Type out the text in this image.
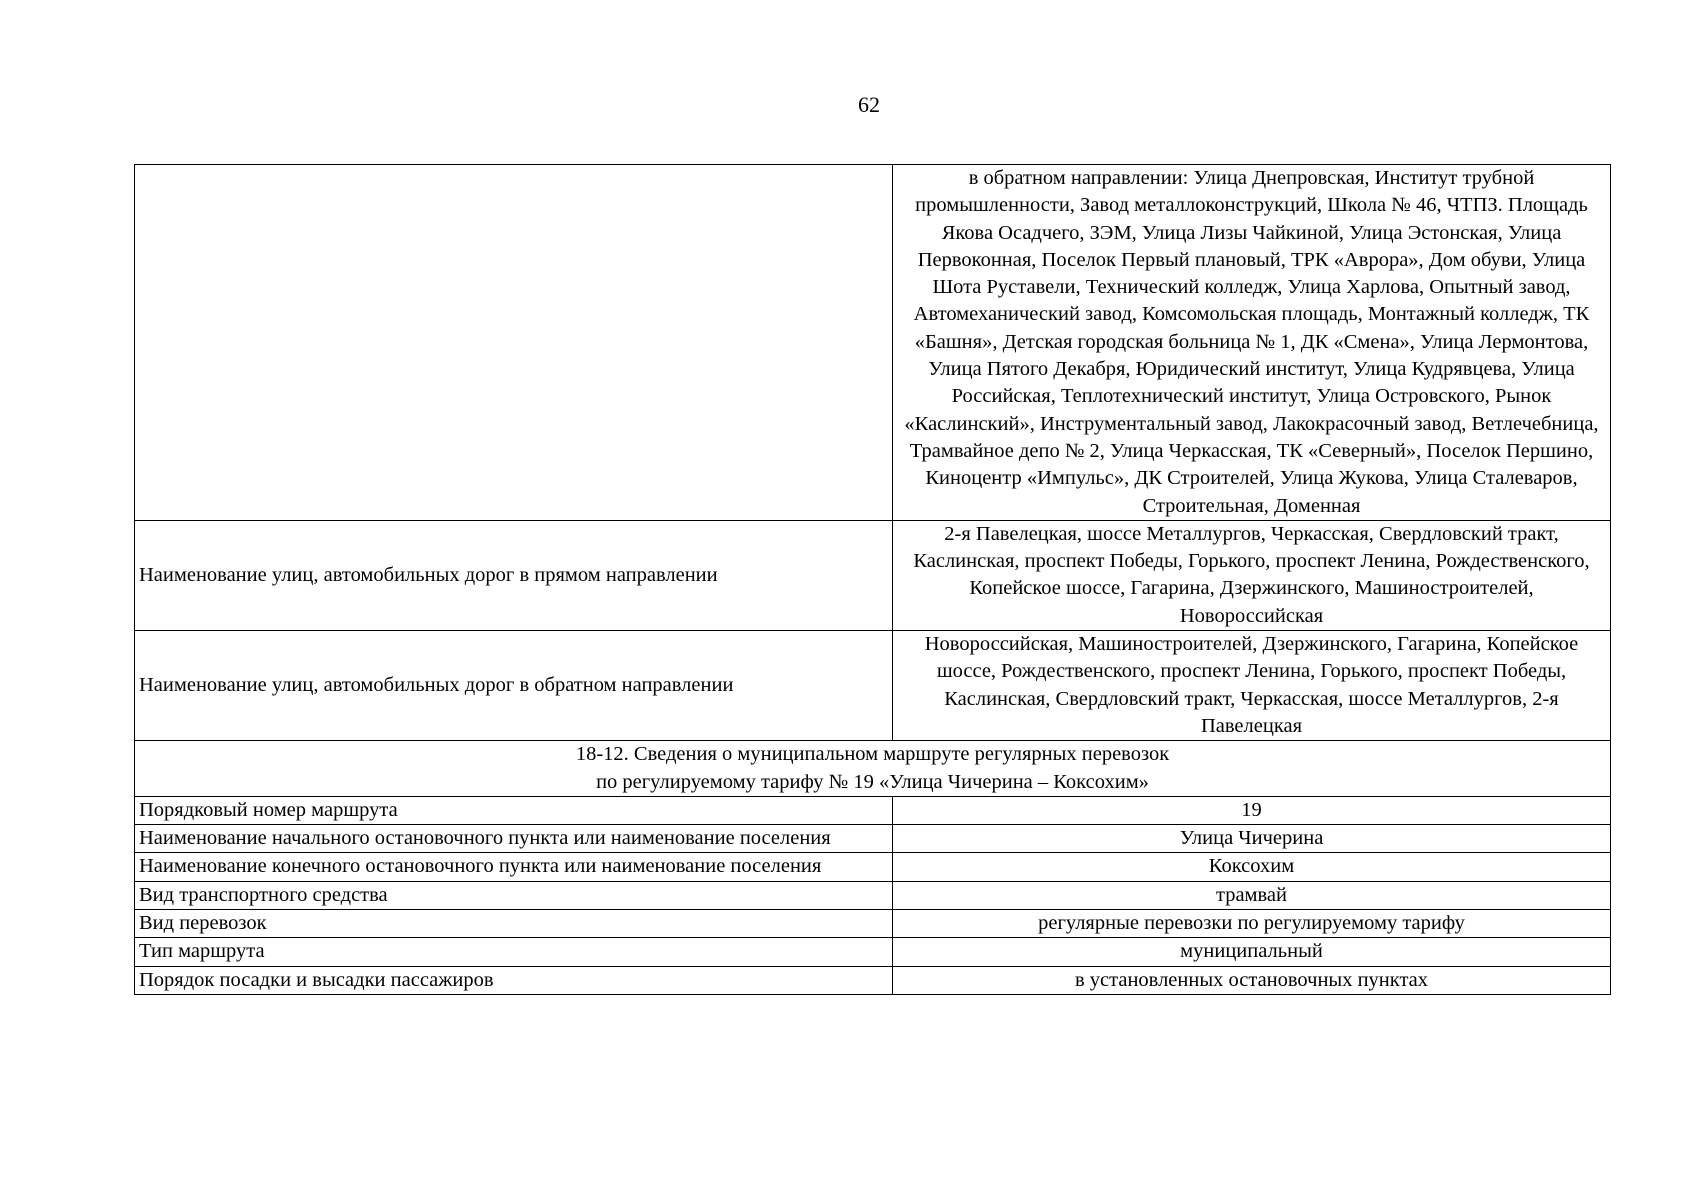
62
	в обратном направлении: Улица Днепровская, Институт трубной промышленности, Завод металлоконструкций, Школа № 46, ЧТПЗ. Площадь Якова Осадчего, ЗЭМ, Улица Лизы Чайкиной, Улица Эстонская, Улица Первоконная, Поселок Первый плановый, ТРК «Аврора», Дом обуви, Улица Шота Руставели, Технический колледж, Улица Харлова, Опытный завод, Автомеханический завод, Комсомольская площадь, Монтажный колледж, ТК «Башня», Детская городская больница № 1, ДК «Смена», Улица Лермонтова, Улица Пятого Декабря, Юридический институт, Улица Кудрявцева, Улица Российская, Теплотехнический институт, Улица Островского, Рынок «Каслинский», Инструментальный завод, Лакокрасочный завод, Ветлечебница, Трамвайное депо № 2, Улица Черкасская, ТК «Северный», Поселок Першино, Киноцентр «Импульс», ДК Строителей, Улица Жукова, Улица Сталеваров, Строительная, Доменная
Наименование улиц, автомобильных дорог в прямом направлении	2-я Павелецкая, шоссе Металлургов, Черкасская, Свердловский тракт, Каслинская, проспект Победы, Горького, проспект Ленина, Рождественского, Копейское шоссе, Гагарина, Дзержинского, Машиностроителей, Новороссийская
Наименование улиц, автомобильных дорог в обратном направлении	Новороссийская, Машиностроителей, Дзержинского, Гагарина, Копейское шоссе, Рождественского, проспект Ленина, Горького, проспект Победы, Каслинская, Свердловский тракт, Черкасская, шоссе Металлургов, 2-я Павелецкая

18-12. Сведения о муниципальном маршруте регулярных перевозок
по регулируемому тарифу № 19 «Улица Чичерина – Коксохим»	

Порядковый номер маршрута	19
Наименование начального остановочного пункта или наименование поселения	Улица Чичерина
Наименование конечного остановочного пункта или наименование поселения	Коксохим
Вид транспортного средства	трамвай
Вид перевозок	регулярные перевозки по регулируемому тарифу
Тип маршрута	муниципальный
Порядок посадки и высадки пассажиров	в установленных остановочных пунктах
